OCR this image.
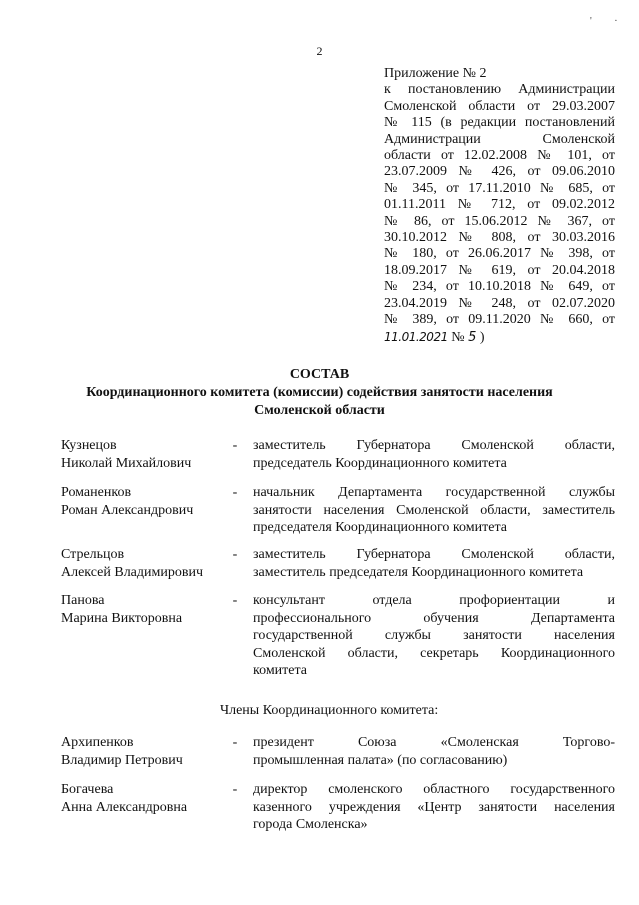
' ·
2
Приложение № 2
к постановлению Администрации
Смоленской области от 29.03.2007
№ 115 (в редакции постановлений
Администрации Смоленской
области от 12.02.2008 № 101, от
23.07.2009 № 426, от 09.06.2010
№ 345, от 17.11.2010 № 685, от
01.11.2011 № 712, от 09.02.2012
№ 86, от 15.06.2012 № 367, от
30.10.2012 № 808, от 30.03.2016
№ 180, от 26.06.2017 № 398, от
18.09.2017 № 619, от 20.04.2018
№ 234, от 10.10.2018 № 649, от
23.04.2019 № 248, от 02.07.2020
№ 389, от 09.11.2020 № 660, от
11.01.2021 № 5 )
СОСТАВ
Координационного комитета (комиссии) содействия занятости населения
Смоленской области
Кузнецов
Николай Михайлович
- заместитель Губернатора Смоленской области,
председатель Координационного комитета
Романенков
Роман Александрович
- начальник Департамента государственной службы
занятости населения Смоленской области, заместитель
председателя Координационного комитета
Стрельцов
Алексей Владимирович
- заместитель Губернатора Смоленской области,
заместитель председателя Координационного комитета
Панова
Марина Викторовна
- консультант отдела профориентации и
профессионального обучения Департамента
государственной службы занятости населения
Смоленской области, секретарь Координационного
комитета
Члены Координационного комитета:
Архипенков
Владимир Петрович
- президент Союза «Смоленская Торгово-
промышленная палата» (по согласованию)
Богачева
Анна Александровна
- директор смоленского областного государственного
казенного учреждения «Центр занятости населения
города Смоленска»
